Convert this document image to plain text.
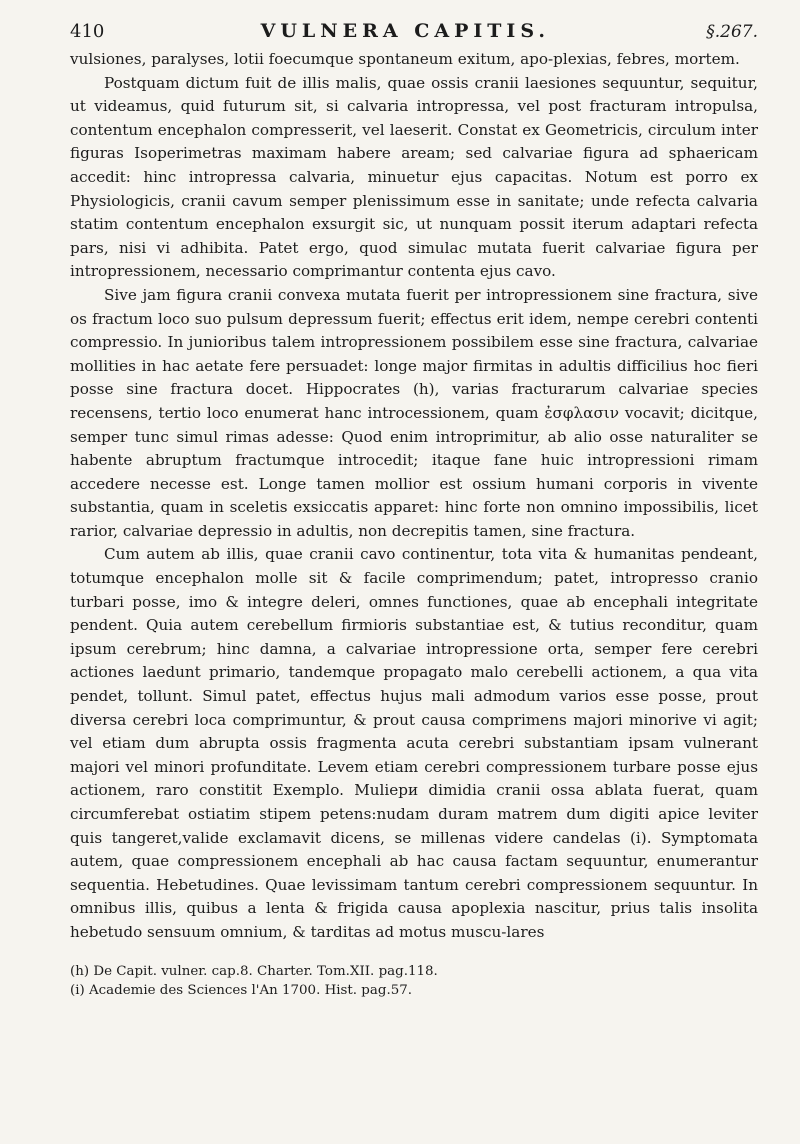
410	VULNERA CAPITIS.	§.267.

vulsiones, paralyses, lotii foecumque spontaneum exitum, apo-plexias, febres, mortem.

Postquam dictum fuit de illis malis, quae ossis cranii laesiones sequuntur, sequitur, ut videamus, quid futurum sit, si calvaria intropressa, vel post fracturam intropulsa, contentum encephalon compresserit, vel laeserit. Constat ex Geometricis, circulum inter figuras Isoperimetras maximam habere aream; sed calvariae figura ad sphaericam accedit: hinc intropressa calvaria, minuetur ejus capacitas. Notum est porro ex Physiologicis, cranii cavum semper plenissimum esse in sanitate; unde refecta calvaria statim contentum encephalon exsurgit sic, ut nunquam possit iterum adaptari refecta pars, nisi vi adhibita. Patet ergo, quod simulac mutata fuerit calvariae figura per intropressionem, necessario comprimantur contenta ejus cavo.

Sive jam figura cranii convexa mutata fuerit per intropressionem sine fractura, sive os fractum loco suo pulsum depressum fuerit; effectus erit idem, nempe cerebri contenti compressio. In junioribus talem intropressionem possibilem esse sine fractura, calvariae mollities in hac aetate fere persuadet: longe major firmitas in adultis difficilius hoc fieri posse sine fractura docet. Hippocrates (h), varias fracturarum calvariae species recensens, tertio loco enumerat hanc introcessionem, quam ἐσφλασιν vocavit; dicitque, semper tunc simul rimas adesse: Quod enim introprimitur, ab alio osse naturaliter se habente abruptum fractumque introcedit; itaque fane huic intropressioni rimam accedere necesse est. Longe tamen mollior est ossium humani corporis in vivente substantia, quam in sceletis exsiccatis apparet: hinc forte non omnino impossibilis, licet rarior, calvariae depressio in adultis, non decrepitis tamen, sine fractura.

Cum autem ab illis, quae cranii cavo continentur, tota vita & humanitas pendeant, totumque encephalon molle sit & facile comprimendum; patet, intropresso cranio turbari posse, imo & integre deleri, omnes functiones, quae ab encephali integritate pendent. Quia autem cerebellum firmioris substantiae est, & tutius reconditur, quam ipsum cerebrum; hinc damna, a calvariae intropressione orta, semper fere cerebri actiones laedunt primario, tandemque propagato malo cerebelli actionem, a qua vita pendet, tollunt. Simul patet, effectus hujus mali admodum varios esse posse, prout diversa cerebri loca comprimuntur, & prout causa comprimens majori minorive vi agit; vel etiam dum abrupta ossis fragmenta acuta cerebri substantiam ipsam vulnerant majori vel minori profunditate. Levem etiam cerebri compressionem turbare posse ejus actionem, raro constitit Exemplo. Muliери dimidia cranii ossa ablata fuerat, quam circumferebat ostiatim stipem petens:nudam duram matrem dum digiti apice leviter quis tangeret,valide exclamavit dicens, se millenas videre candelas (i). Symptomata autem, quae compressionem encephali ab hac causa factam sequuntur, enumerantur sequentia. Hebetudines. Quae levissimam tantum cerebri compressionem sequuntur. In omnibus illis, quibus a lenta & frigida causa apoplexia nascitur, prius talis insolita hebetudo sensuum omnium, & tarditas ad motus muscu-lares

(h) De Capit. vulner. cap.8. Charter. Tom.XII. pag.118.

(i) Academie des Sciences l'An 1700. Hist. pag.57.
